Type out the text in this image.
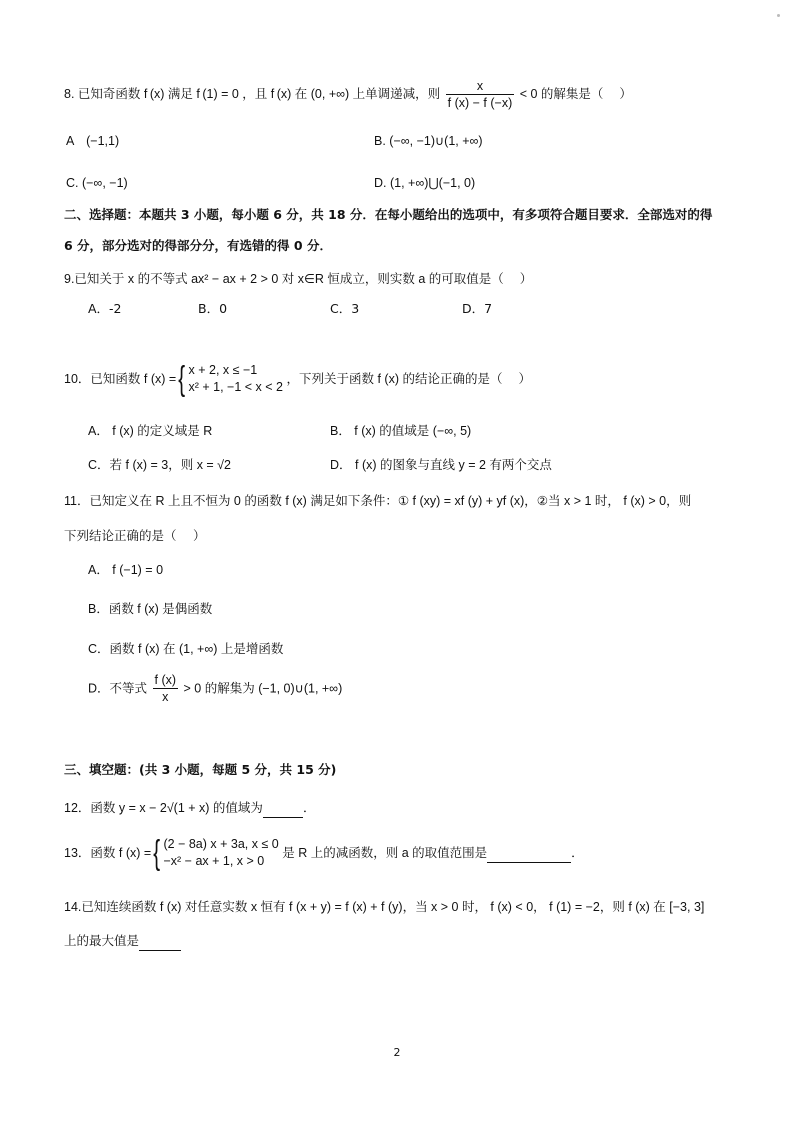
8. 已知奇函数 f (x) 满足 f (1) = 0 ，且 f (x) 在 (0, +∞) 上单调递减，则 $\frac{x}{f (x) - f (-x)} < 0$ 的解集是（　 ）
A　(−1,1)	B. (−∞, −1)∪(1, +∞)
C. (−∞, −1)	D. (1, +∞)⋃(−1, 0)
二、选择题：本题共 3 小题，每小题 6 分，共 18 分．在每小题给出的选项中，有多项符合题目要求．全部选对的得
6 分，部分选对的得部分分，有选错的得 0 分．
9.已知关于 x 的不等式 ax² − ax + 2 > 0 对 x∈R 恒成立，则实数 a 的可取值是（　 ）
A．-2	B．0	C．3	D．7
10．已知函数 f (x) = { x + 2, x ≤ −1
x² + 1, −1 < x < 2
，下列关于函数 f (x) 的结论正确的是（　 ）
A． f (x) 的定义域是 R	B． f (x) 的值域是 (−∞, 5)
C．若 f (x) = 3，则 x = √2	D． f (x) 的图象与直线 y = 2 有两个交点
11．已知定义在 R 上且不恒为 0 的函数 f (x) 满足如下条件：① f (xy) = xf (y) + yf (x)，②当 x > 1 时， f (x) > 0，则
下列结论正确的是（　 ）
A． f (−1) = 0
B．函数 f (x) 是偶函数
C．函数 f (x) 在 (1, +∞) 上是增函数
D．不等式 $\frac{f (x)}{x} > 0$ 的解集为 (−1, 0)∪(1, +∞)
三、填空题：(共 3 小题，每题 5 分，共 15 分)
12．函数 y = x − 2√(1 + x) 的值域为	．
13．函数 f (x) = { (2 − 8a) x + 3a, x ≤ 0
−x² − ax + 1, x > 0
是 R 上的减函数，则 a 的取值范围是	．
14.已知连续函数 f (x) 对任意实数 x 恒有 f (x + y) = f (x) + f (y)，当 x > 0 时， f (x) < 0， f (1) = −2，则 f (x) 在 [−3, 3]
上的最大值是
2
